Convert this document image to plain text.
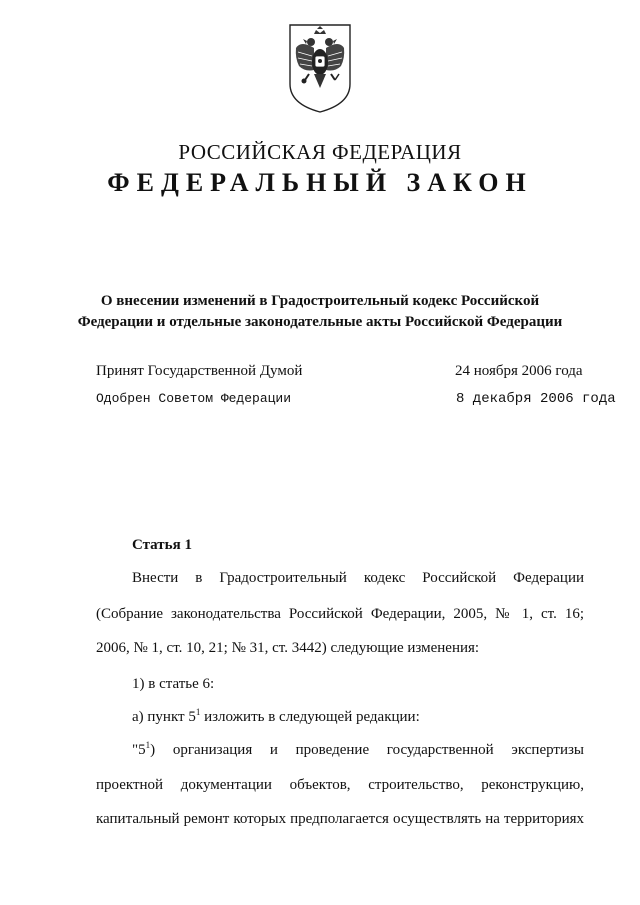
РОССИЙСКАЯ ФЕДЕРАЦИЯ
ФЕДЕРАЛЬНЫЙ ЗАКОН
О внесении изменений в Градостроительный кодекс Российской
Федерации и отдельные законодательные акты Российской Федерации
Принят Государственной Думой	24 ноября 2006 года
Одобрен Советом Федерации	8 декабря 2006 года
Статья 1
Внести в Градостроительный кодекс Российской Федерации
(Собрание законодательства Российской Федерации, 2005, № 1, ст. 16;
2006, № 1, ст. 10, 21; № 31, ст. 3442) следующие изменения:
1) в статье 6:
а) пункт $5^1$ изложить в следующей редакции:
"$5^1$) организация и проведение государственной экспертизы
проектной документации объектов, строительство, реконструкцию,
капитальный ремонт которых предполагается осуществлять на территориях
